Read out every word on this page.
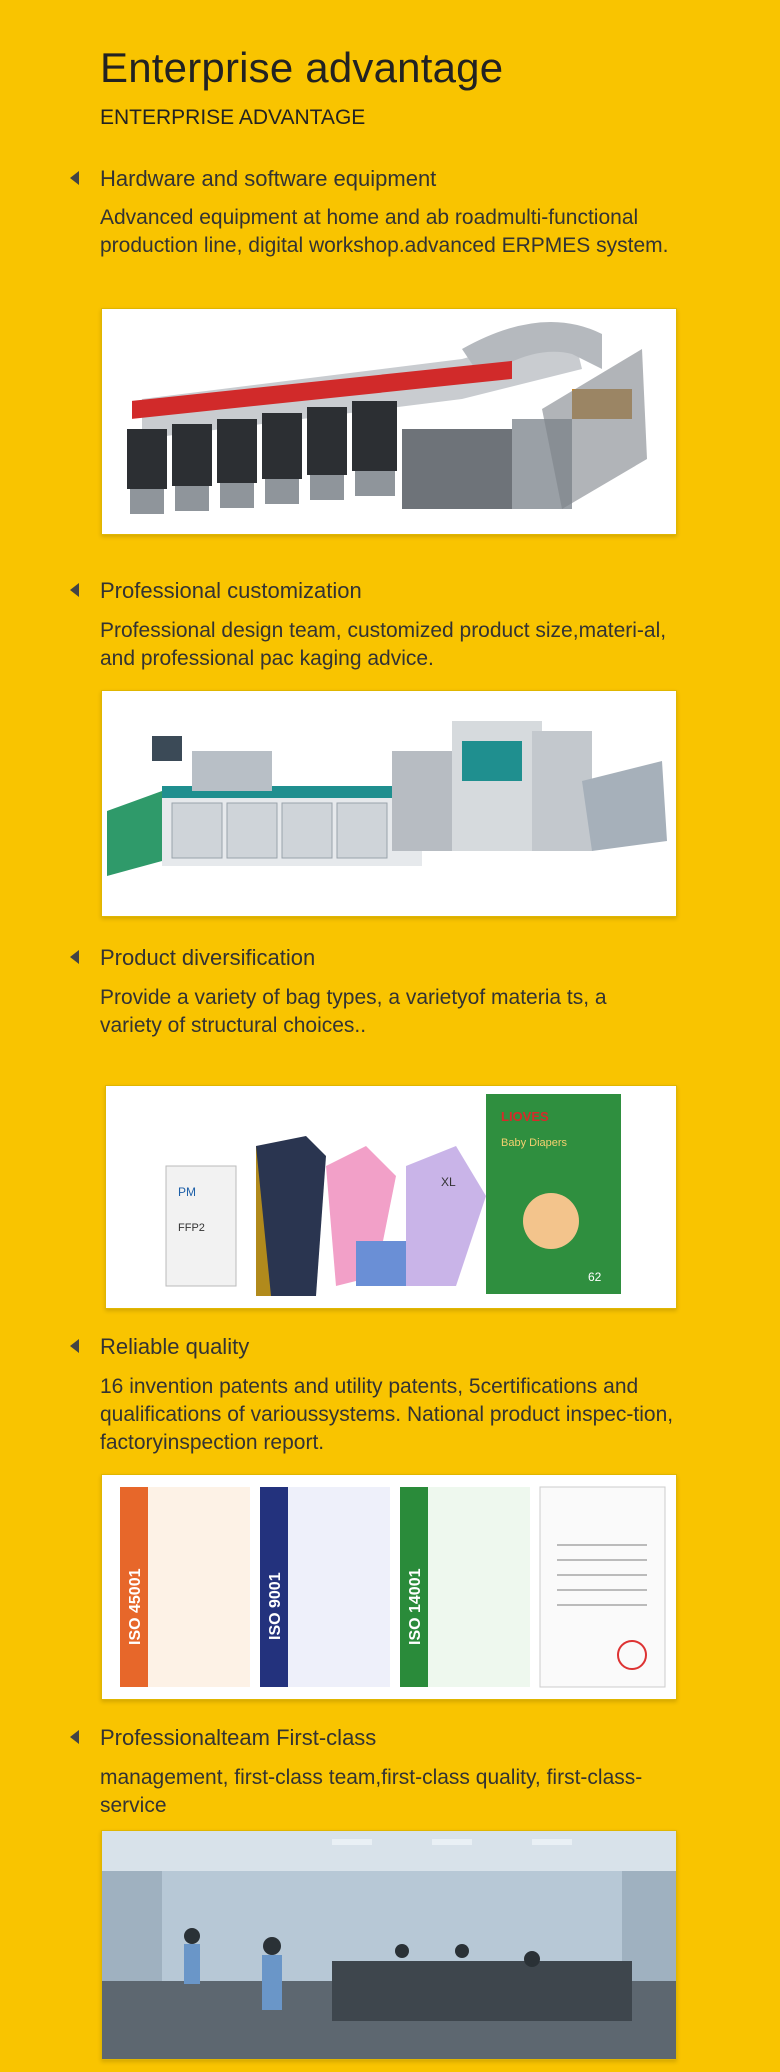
Enterprise advantage
ENTERPRISE ADVANTAGE
Hardware and software equipment
Advanced equipment at home and ab roadmulti-functional production line, digital workshop.advanced ERPMES system.
Professional customization
Professional design team, customized product size,materi-al, and professional pac kaging advice.
Product diversification
Provide a variety of bag types, a varietyof materia ts, a variety of structural choices..
PM
FFP2
XL
LIOVES
Baby Diapers
62
Reliable quality
16 invention patents and utility patents, 5certifications and qualifications of varioussystems. National product inspec-tion, factoryinspection report.
ISO 45001	ISO 9001	ISO 14001
Professionalteam First-class
management, first-class team,first-class quality, first-class-service
